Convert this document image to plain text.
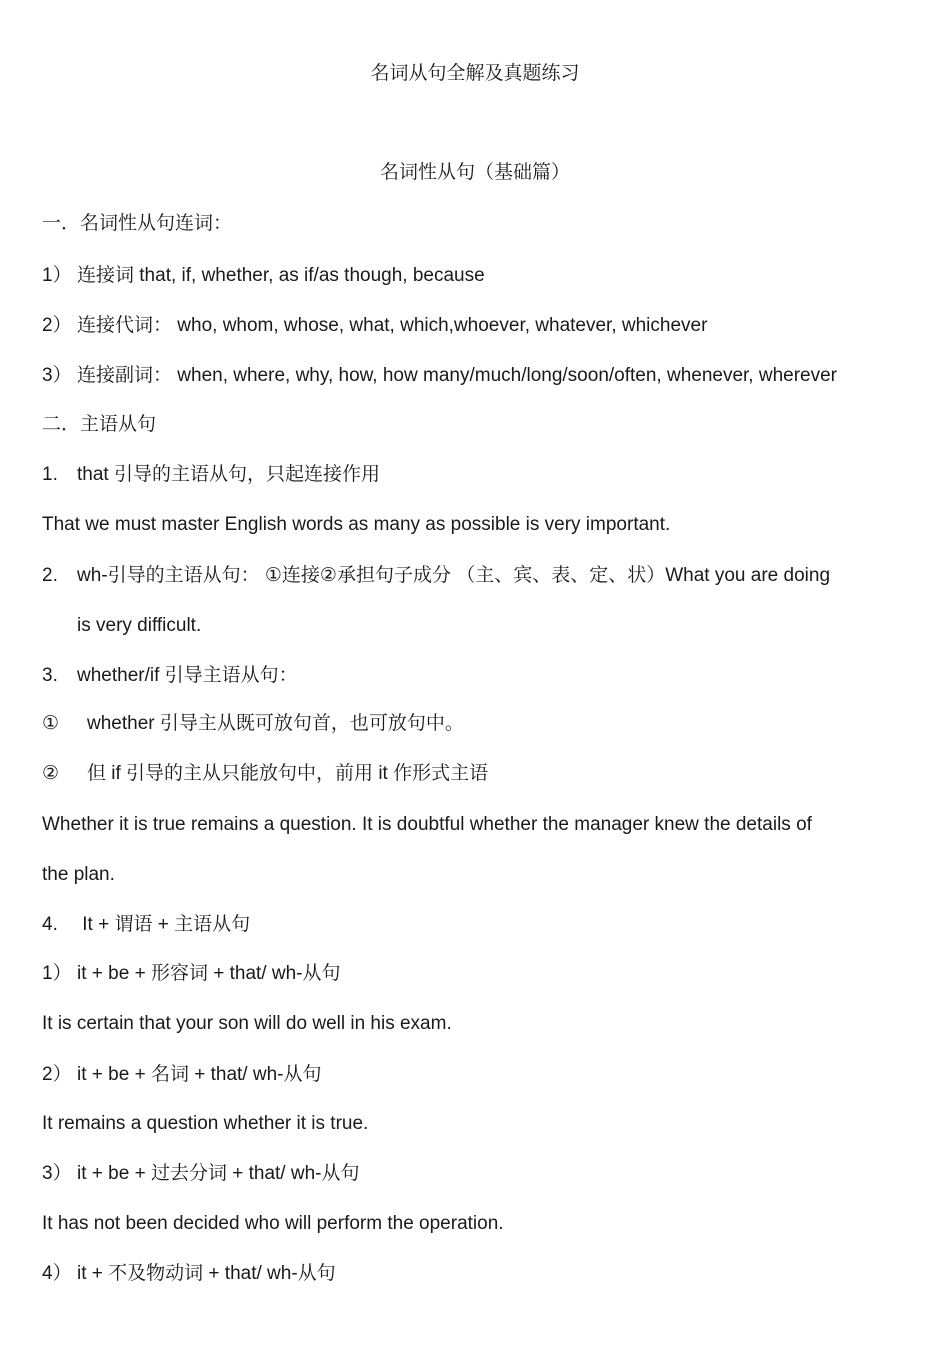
名词从句全解及真题练习
名词性从句（基础篇）
一．名词性从句连词：
1） 连接词 that, if, whether, as if/as though, because
2） 连接代词： who, whom, whose, what, which,whoever, whatever, whichever
3） 连接副词： when, where, why, how, how many/much/long/soon/often, whenever, wherever
二．主语从句
1. that 引导的主语从句，只起连接作用
That we must master English words as many as possible is very important.
2. wh-引导的主语从句： ①连接②承担句子成分 （主、宾、表、定、状）What you are doing
is very difficult.
3. whether/if 引导主语从句：
① whether 引导主从既可放句首，也可放句中。
② 但 if 引导的主从只能放句中，前用 it 作形式主语
Whether it is true remains a question. It is doubtful whether the manager knew the details of
the plan.
4. It + 谓语 + 主语从句
1） it + be + 形容词 + that/ wh-从句
It is certain that your son will do well in his exam.
2） it + be + 名词 + that/ wh-从句
It remains a question whether it is true.
3） it + be + 过去分词 + that/ wh-从句
It has not been decided who will perform the operation.
4） it + 不及物动词 + that/ wh-从句
